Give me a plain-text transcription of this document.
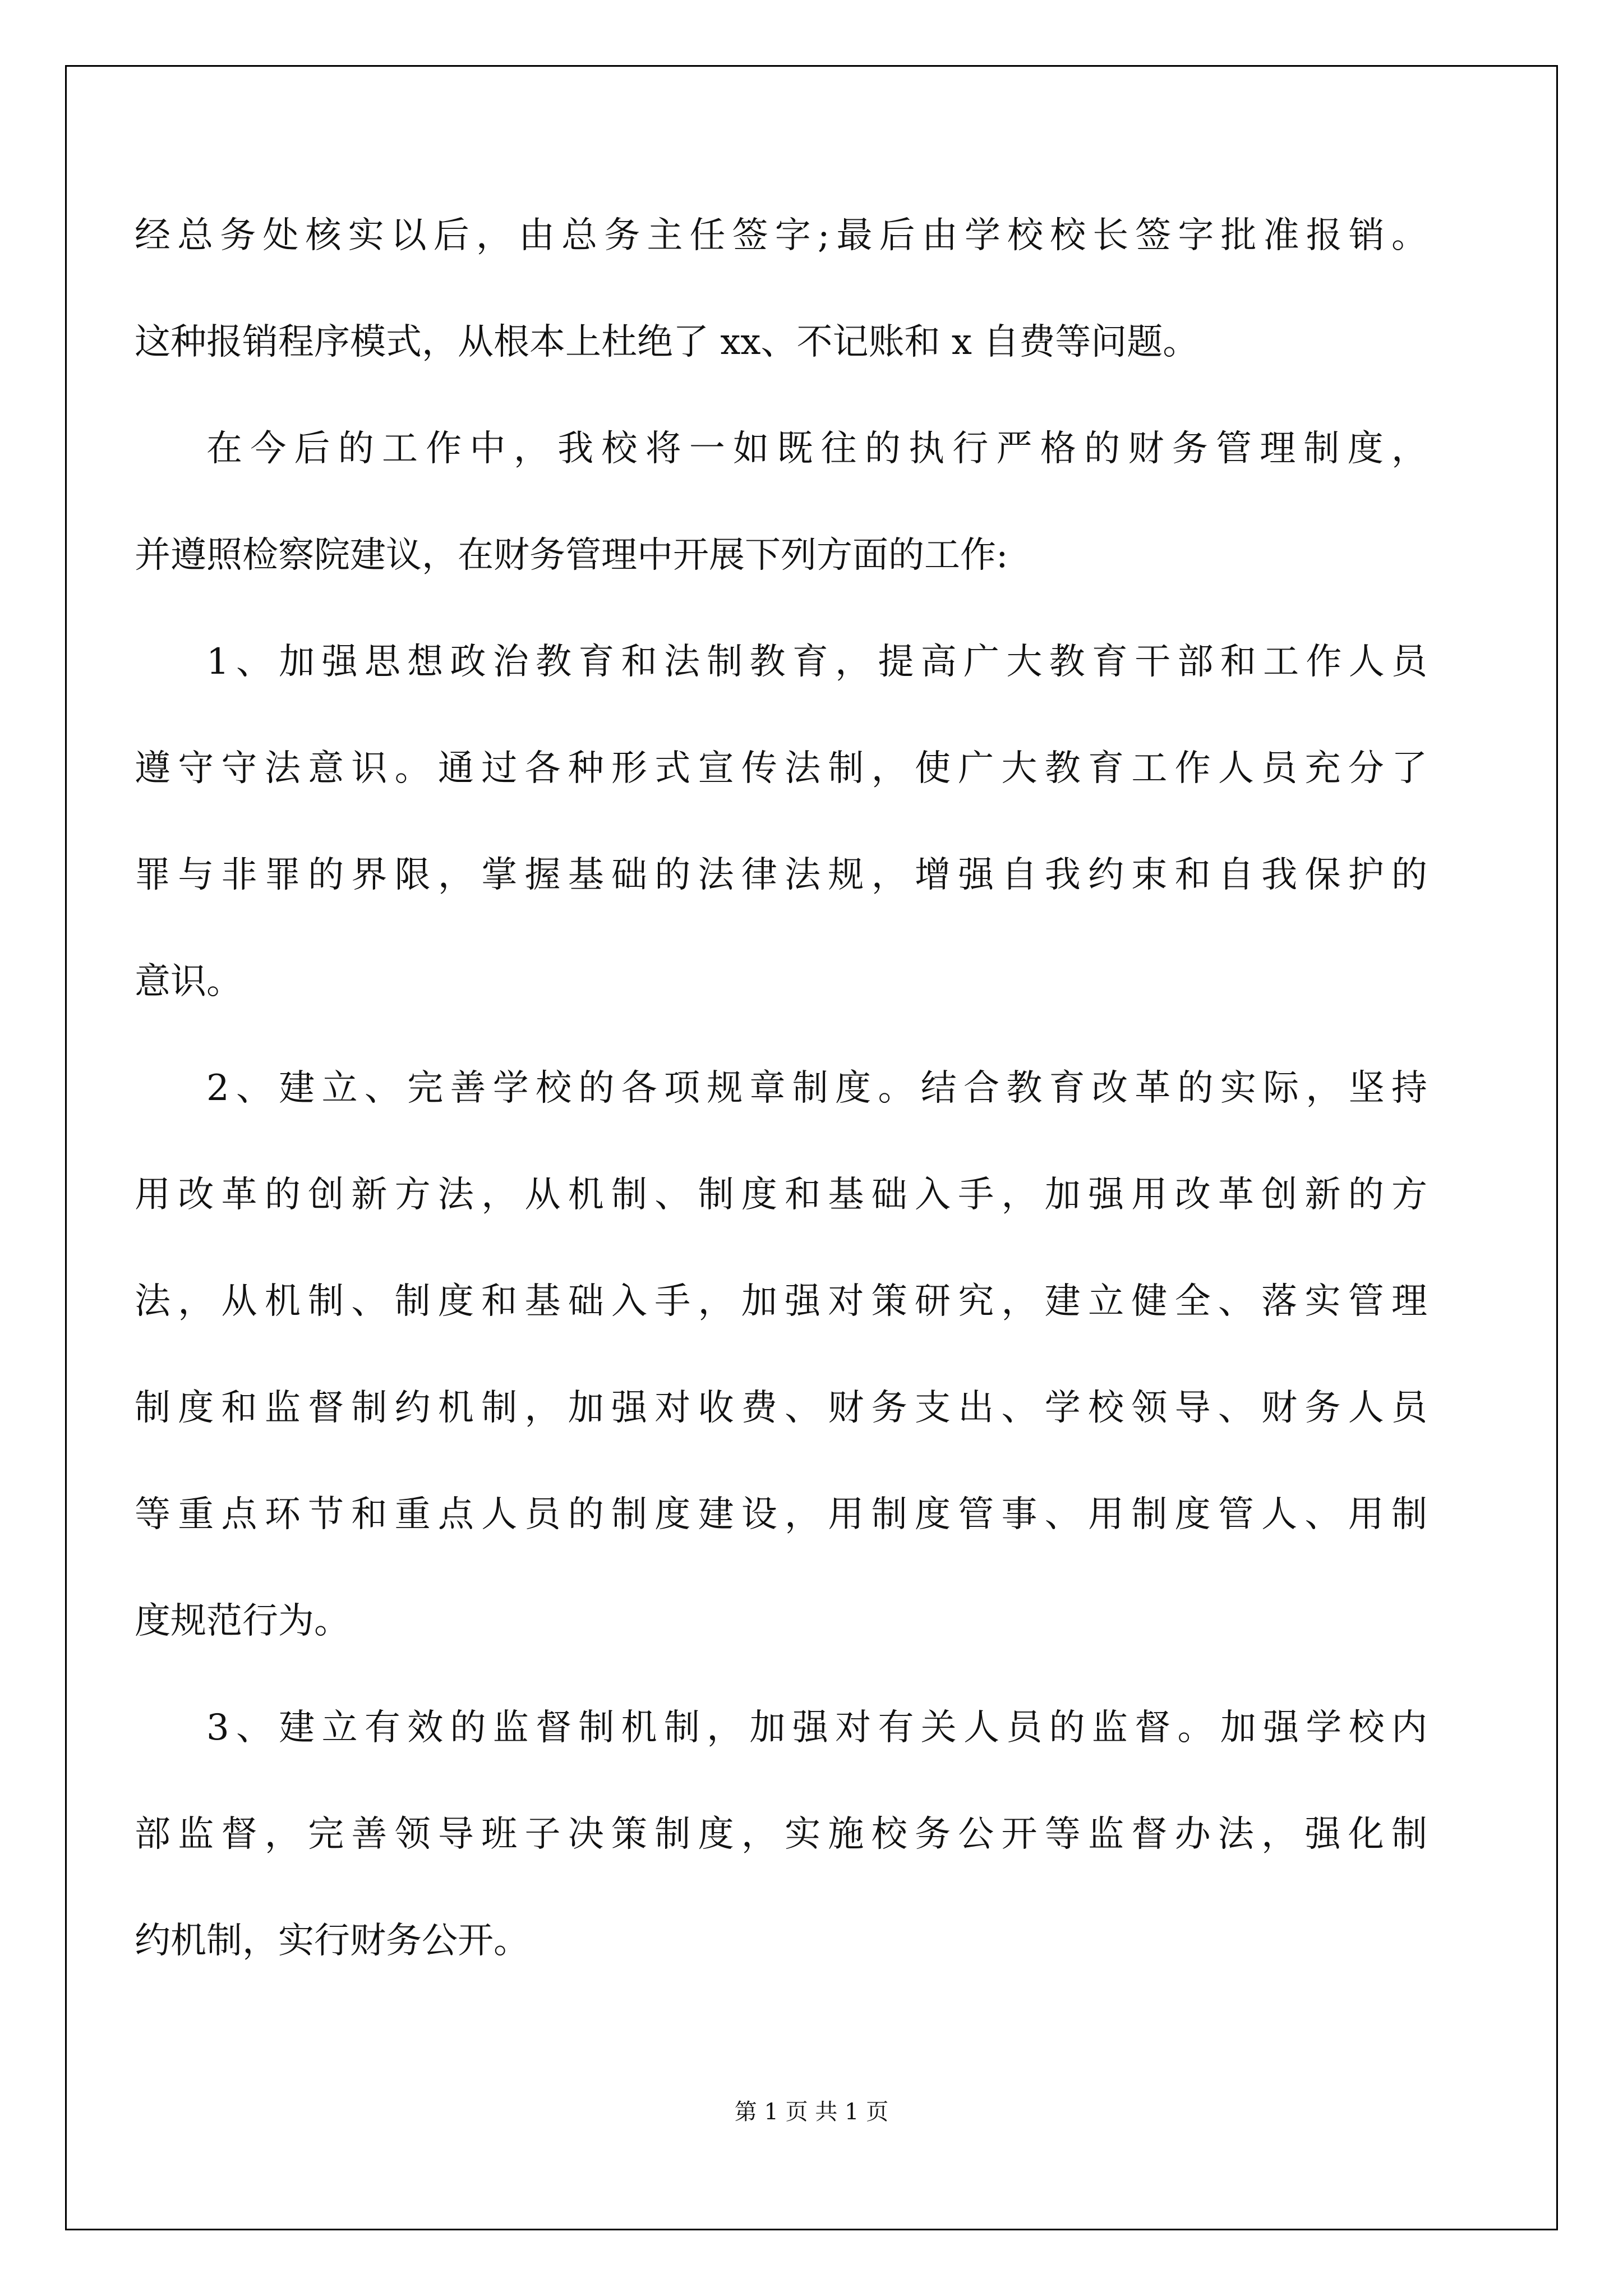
经总务处核实以后，由总务主任签字;最后由学校校长签字批准报销。
这种报销程序模式，从根本上杜绝了 xx、不记账和 x 自费等问题。
在今后的工作中，我校将一如既往的执行严格的财务管理制度，
并遵照检察院建议，在财务管理中开展下列方面的工作:
1、加强思想政治教育和法制教育，提高广大教育干部和工作人员
遵守守法意识。通过各种形式宣传法制，使广大教育工作人员充分了
罪与非罪的界限，掌握基础的法律法规，增强自我约束和自我保护的
意识。
2、建立、完善学校的各项规章制度。结合教育改革的实际，坚持
用改革的创新方法，从机制、制度和基础入手，加强用改革创新的方
法，从机制、制度和基础入手，加强对策研究，建立健全、落实管理
制度和监督制约机制，加强对收费、财务支出、学校领导、财务人员
等重点环节和重点人员的制度建设，用制度管事、用制度管人、用制
度规范行为。
3、建立有效的监督制机制，加强对有关人员的监督。加强学校内
部监督，完善领导班子决策制度，实施校务公开等监督办法，强化制
约机制，实行财务公开。
第 1 页 共 1 页
